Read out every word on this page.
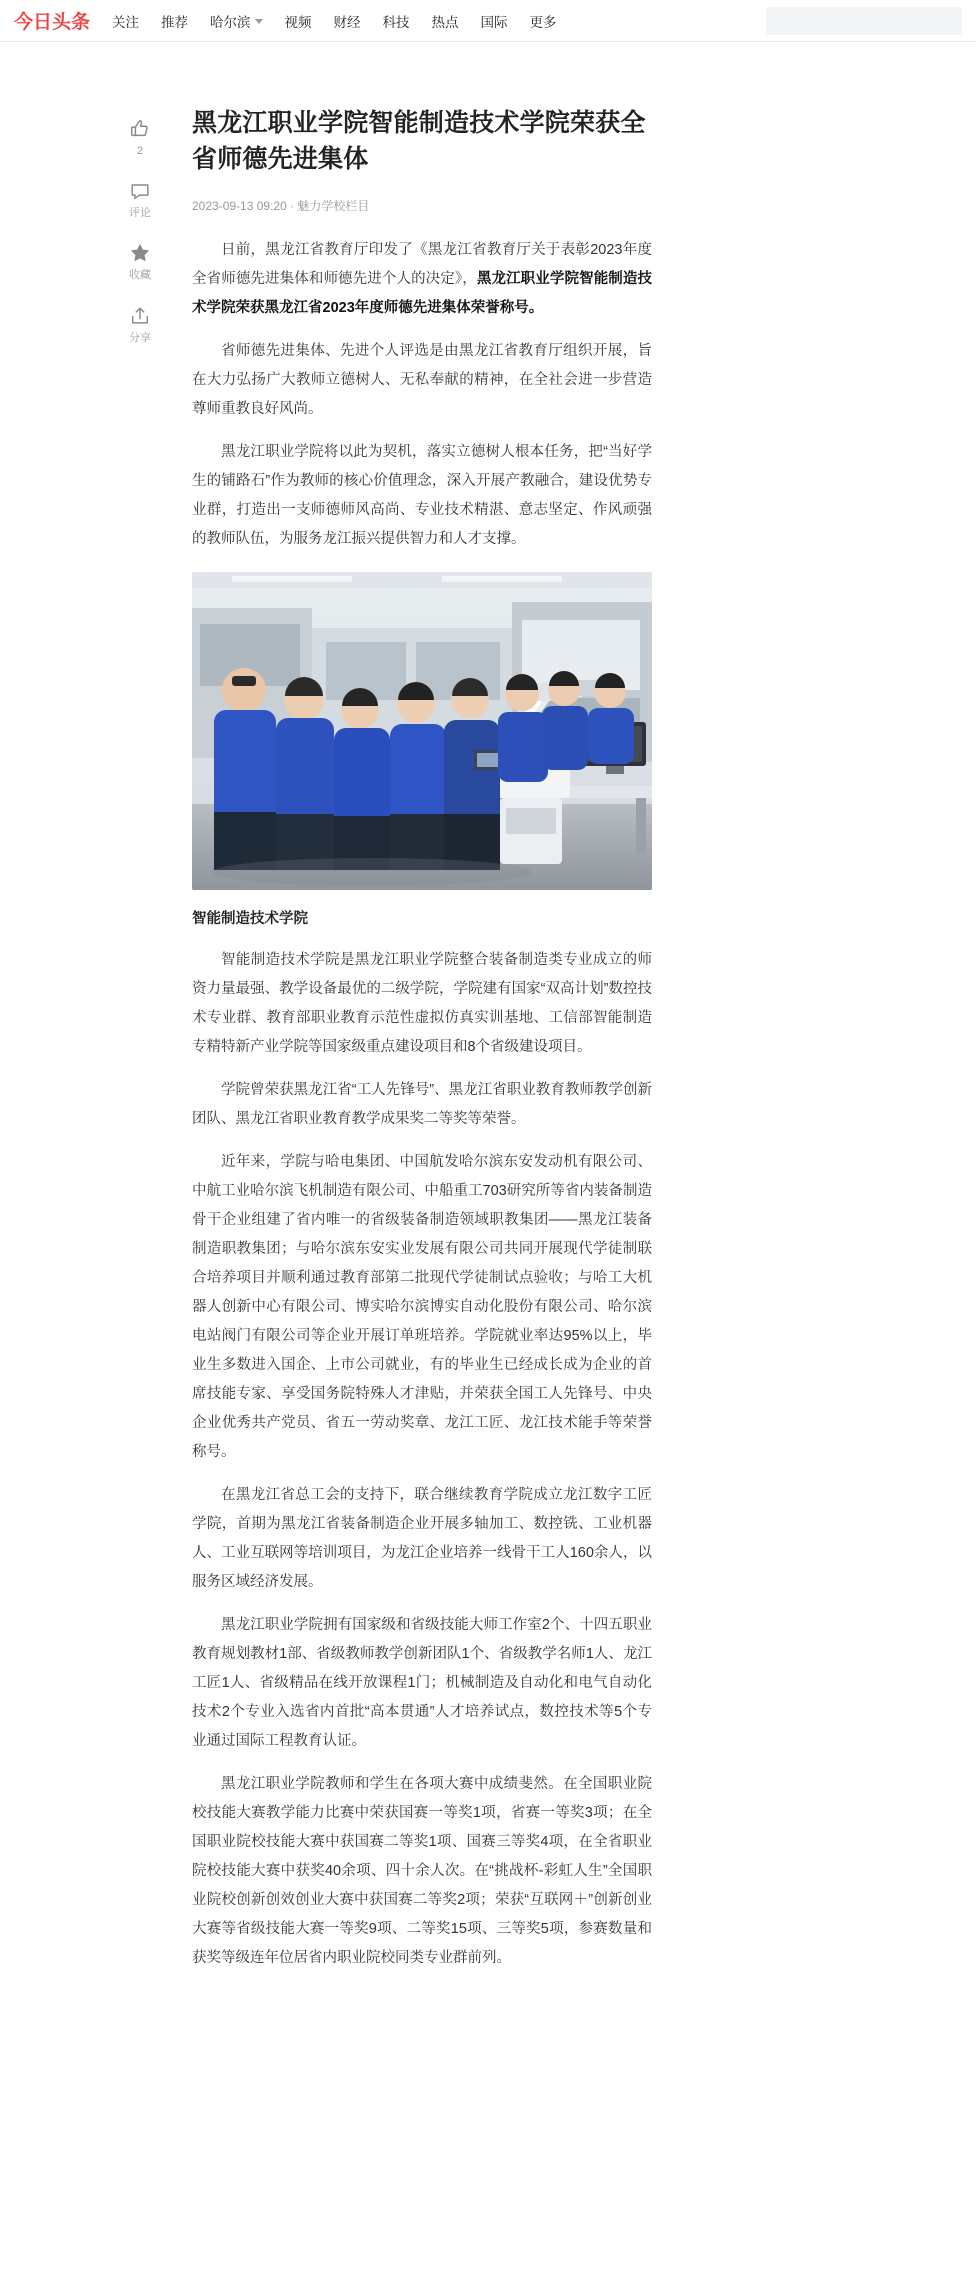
今日头条 关注 推荐 哈尔滨	视频 财经 科技 热点 国际 更多
2
评论
收藏
分享
黑龙江职业学院智能制造技术学院荣获全省师德先进集体
2023-09-13 09:20 · 魅力学校栏目

日前，黑龙江省教育厅印发了《黑龙江省教育厅关于表彰2023年度全省师德先进集体和师德先进个人的决定》，黑龙江职业学院智能制造技术学院荣获黑龙江省2023年度师德先进集体荣誉称号。

省师德先进集体、先进个人评选是由黑龙江省教育厅组织开展，旨在大力弘扬广大教师立德树人、无私奉献的精神，在全社会进一步营造尊师重教良好风尚。

黑龙江职业学院将以此为契机，落实立德树人根本任务，把“当好学生的铺路石”作为教师的核心价值理念，深入开展产教融合，建设优势专业群，打造出一支师德师风高尚、专业技术精湛、意志坚定、作风顽强的教师队伍，为服务龙江振兴提供智力和人才支撑。

智能制造技术学院

智能制造技术学院是黑龙江职业学院整合装备制造类专业成立的师资力量最强、教学设备最优的二级学院，学院建有国家“双高计划”数控技术专业群、教育部职业教育示范性虚拟仿真实训基地、工信部智能制造专精特新产业学院等国家级重点建设项目和8个省级建设项目。

学院曾荣获黑龙江省“工人先锋号”、黑龙江省职业教育教师教学创新团队、黑龙江省职业教育教学成果奖二等奖等荣誉。

近年来，学院与哈电集团、中国航发哈尔滨东安发动机有限公司、中航工业哈尔滨飞机制造有限公司、中船重工703研究所等省内装备制造骨干企业组建了省内唯一的省级装备制造领域职教集团——黑龙江装备制造职教集团；与哈尔滨东安实业发展有限公司共同开展现代学徒制联合培养项目并顺利通过教育部第二批现代学徒制试点验收；与哈工大机器人创新中心有限公司、博实哈尔滨博实自动化股份有限公司、哈尔滨电站阀门有限公司等企业开展订单班培养。学院就业率达95%以上，毕业生多数进入国企、上市公司就业，有的毕业生已经成长成为企业的首席技能专家、享受国务院特殊人才津贴，并荣获全国工人先锋号、中央企业优秀共产党员、省五一劳动奖章、龙江工匠、龙江技术能手等荣誉称号。

在黑龙江省总工会的支持下，联合继续教育学院成立龙江数字工匠学院，首期为黑龙江省装备制造企业开展多轴加工、数控铣、工业机器人、工业互联网等培训项目，为龙江企业培养一线骨干工人160余人，以服务区域经济发展。

黑龙江职业学院拥有国家级和省级技能大师工作室2个、十四五职业教育规划教材1部、省级教师教学创新团队1个、省级教学名师1人、龙江工匠1人、省级精品在线开放课程1门；机械制造及自动化和电气自动化技术2个专业入选省内首批“高本贯通”人才培养试点，数控技术等5个专业通过国际工程教育认证。

黑龙江职业学院教师和学生在各项大赛中成绩斐然。在全国职业院校技能大赛教学能力比赛中荣获国赛一等奖1项，省赛一等奖3项；在全国职业院校技能大赛中获国赛二等奖1项、国赛三等奖4项，在全省职业院校技能大赛中获奖40余项、四十余人次。在“挑战杯-彩虹人生”全国职业院校创新创效创业大赛中获国赛二等奖2项；荣获“互联网＋”创新创业大赛等省级技能大赛一等奖9项、二等奖15项、三等奖5项，参赛数量和获奖等级连年位居省内职业院校同类专业群前列。
